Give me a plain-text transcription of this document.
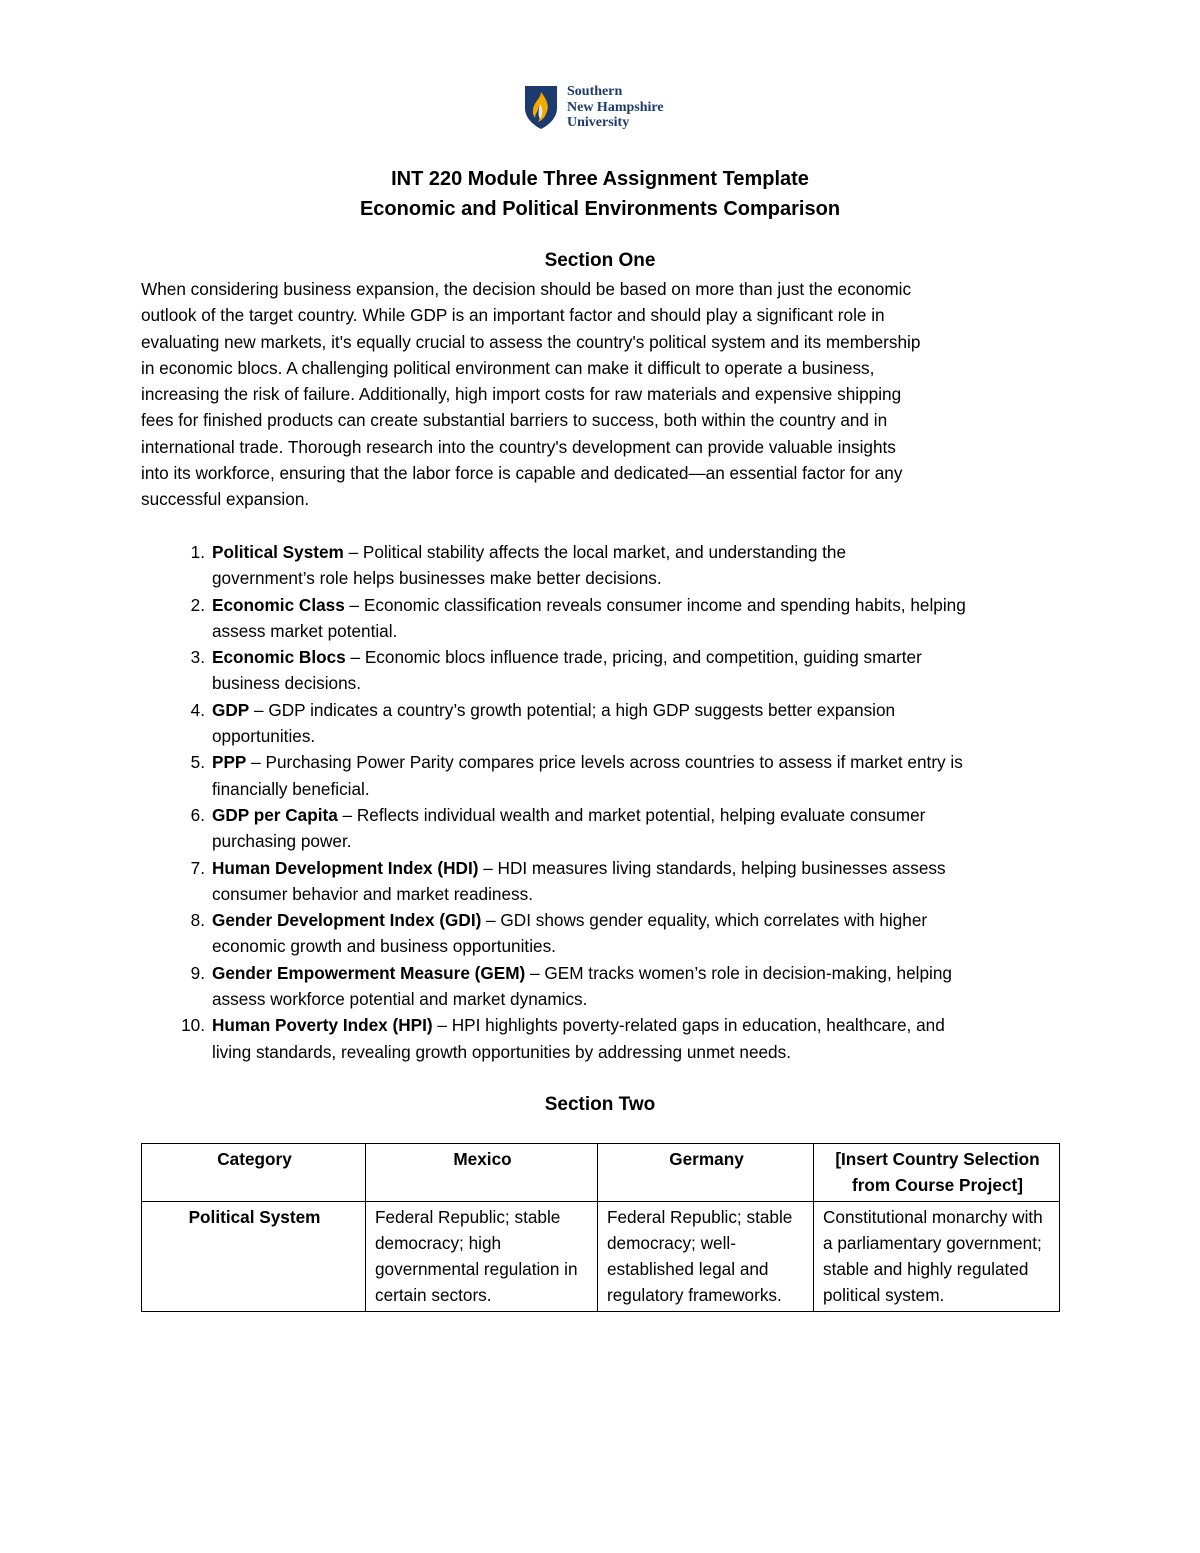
Southern
New Hampshire
University
INT 220 Module Three Assignment Template
Economic and Political Environments Comparison
Section One

When considering business expansion, the decision should be based on more than just the economic
outlook of the target country. While GDP is an important factor and should play a significant role in
evaluating new markets, it's equally crucial to assess the country's political system and its membership
in economic blocs. A challenging political environment can make it difficult to operate a business,
increasing the risk of failure. Additionally, high import costs for raw materials and expensive shipping
fees for finished products can create substantial barriers to success, both within the country and in
international trade. Thorough research into the country's development can provide valuable insights
into its workforce, ensuring that the labor force is capable and dedicated—an essential factor for any
successful expansion.

1. Political System – Political stability affects the local market, and understanding the
government’s role helps businesses make better decisions.
2. Economic Class – Economic classification reveals consumer income and spending habits, helping
assess market potential.
3. Economic Blocs – Economic blocs influence trade, pricing, and competition, guiding smarter
business decisions.
4. GDP – GDP indicates a country’s growth potential; a high GDP suggests better expansion
opportunities.
5. PPP – Purchasing Power Parity compares price levels across countries to assess if market entry is
financially beneficial.
6. GDP per Capita – Reflects individual wealth and market potential, helping evaluate consumer
purchasing power.
7. Human Development Index (HDI) – HDI measures living standards, helping businesses assess
consumer behavior and market readiness.
8. Gender Development Index (GDI) – GDI shows gender equality, which correlates with higher
economic growth and business opportunities.
9. Gender Empowerment Measure (GEM) – GEM tracks women’s role in decision-making, helping
assess workforce potential and market dynamics.
10. Human Poverty Index (HPI) – HPI highlights poverty-related gaps in education, healthcare, and
living standards, revealing growth opportunities by addressing unmet needs.
Section Two
Category	Mexico	Germany	[Insert Country Selection from Course Project]
Political System	Federal Republic; stable democracy; high governmental regulation in certain sectors.	Federal Republic; stable democracy; well-established legal and regulatory frameworks.	Constitutional monarchy with a parliamentary government; stable and highly regulated political system.
